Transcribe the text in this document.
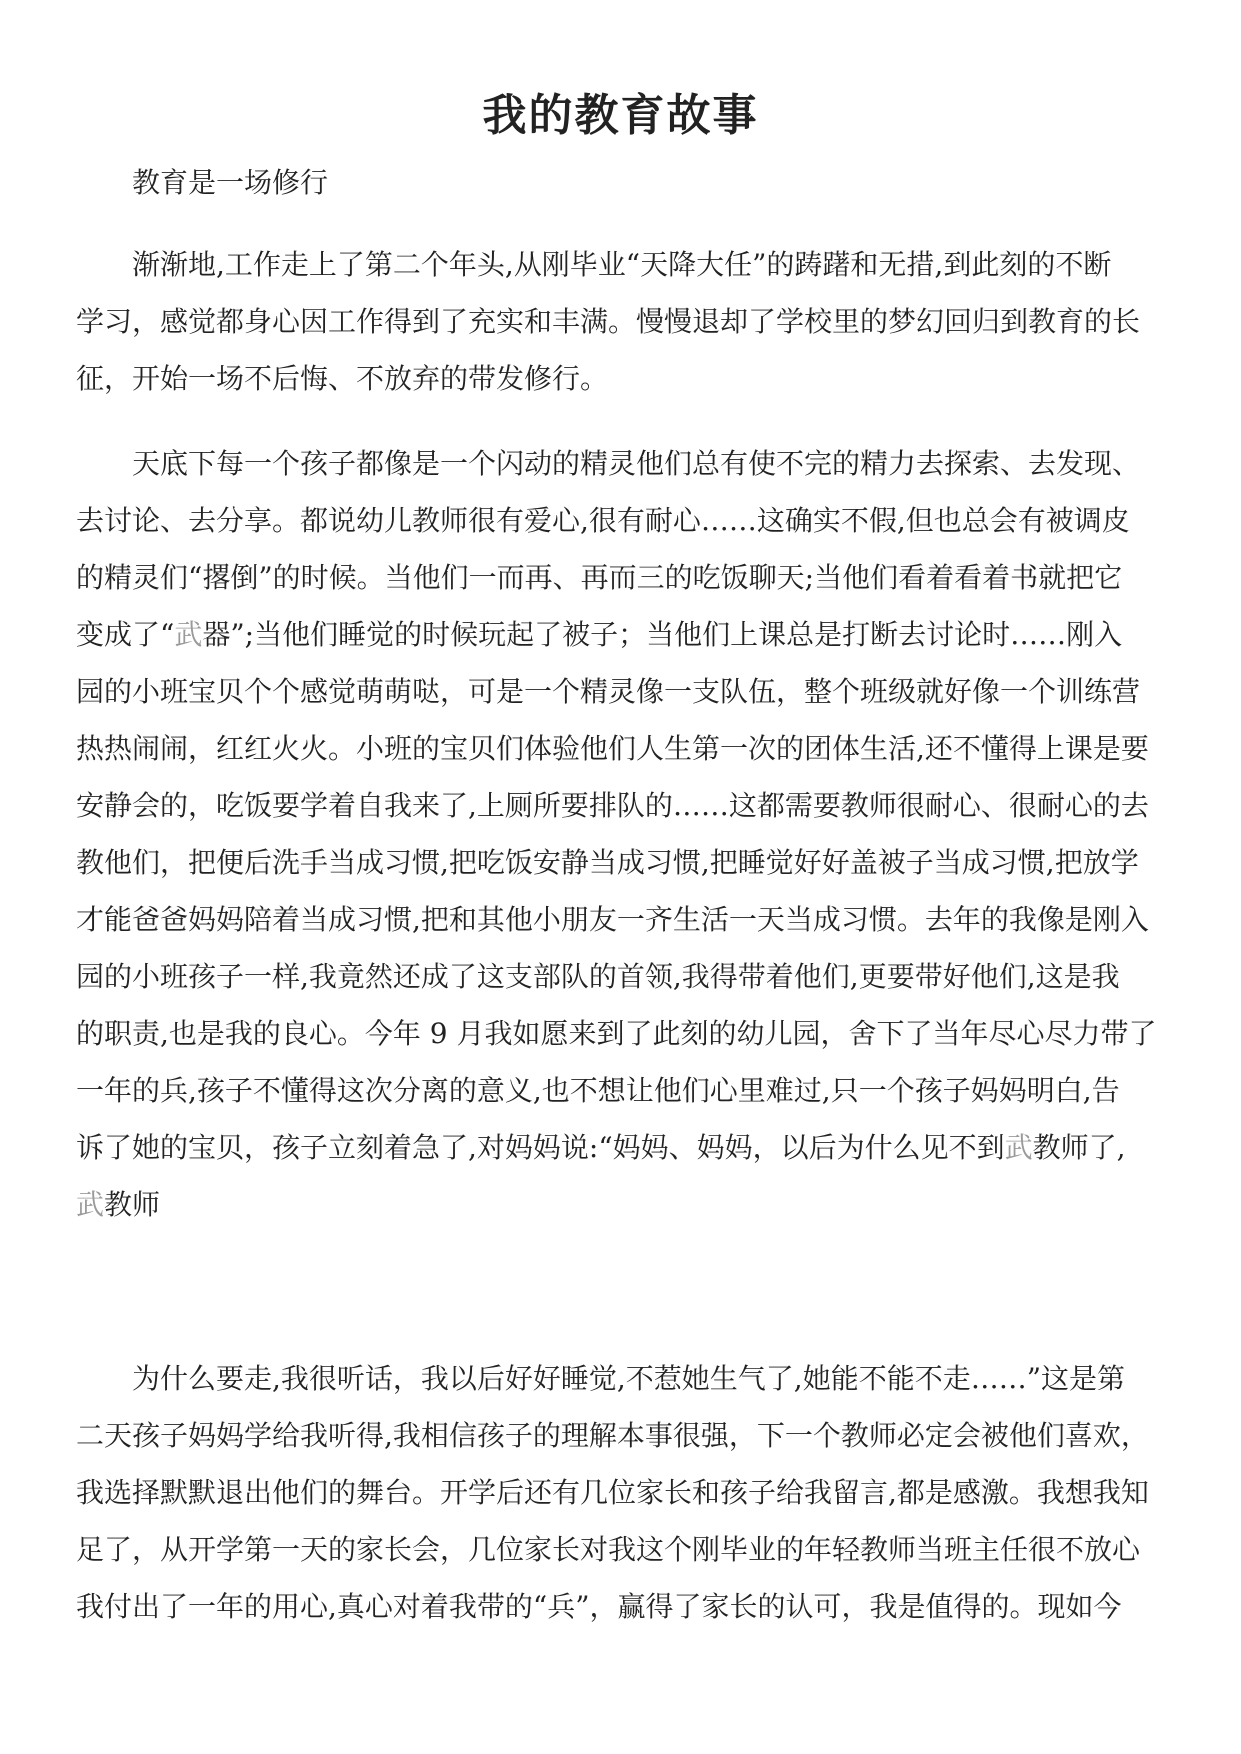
我的教育故事

教育是一场修行

渐渐地,工作走上了第二个年头,从刚毕业“天降大任”的踌躇和无措,到此刻的不断
学习，感觉都身心因工作得到了充实和丰满。慢慢退却了学校里的梦幻回归到教育的长
征，开始一场不后悔、不放弃的带发修行。
天底下每一个孩子都像是一个闪动的精灵他们总有使不完的精力去探索、去发现、
去讨论、去分享。都说幼儿教师很有爱心,很有耐心……这确实不假,但也总会有被调皮
的精灵们“撂倒”的时候。当他们一而再、再而三的吃饭聊天;当他们看着看着书就把它
变成了“武器”;当他们睡觉的时候玩起了被子；当他们上课总是打断去讨论时……刚入
园的小班宝贝个个感觉萌萌哒，可是一个精灵像一支队伍，整个班级就好像一个训练营
热热闹闹，红红火火。小班的宝贝们体验他们人生第一次的团体生活,还不懂得上课是要
安静会的，吃饭要学着自我来了,上厕所要排队的……这都需要教师很耐心、很耐心的去
教他们，把便后洗手当成习惯,把吃饭安静当成习惯,把睡觉好好盖被子当成习惯,把放学
才能爸爸妈妈陪着当成习惯,把和其他小朋友一齐生活一天当成习惯。去年的我像是刚入
园的小班孩子一样,我竟然还成了这支部队的首领,我得带着他们,更要带好他们,这是我
的职责,也是我的良心。今年 9 月我如愿来到了此刻的幼儿园，舍下了当年尽心尽力带了
一年的兵,孩子不懂得这次分离的意义,也不想让他们心里难过,只一个孩子妈妈明白,告
诉了她的宝贝，孩子立刻着急了,对妈妈说:“妈妈、妈妈，以后为什么见不到武教师了,
武教师
为什么要走,我很听话，我以后好好睡觉,不惹她生气了,她能不能不走……”这是第
二天孩子妈妈学给我听得,我相信孩子的理解本事很强，下一个教师必定会被他们喜欢，
我选择默默退出他们的舞台。开学后还有几位家长和孩子给我留言,都是感激。我想我知
足了，从开学第一天的家长会，几位家长对我这个刚毕业的年轻教师当班主任很不放心
我付出了一年的用心,真心对着我带的“兵”，赢得了家长的认可，我是值得的。现如今
